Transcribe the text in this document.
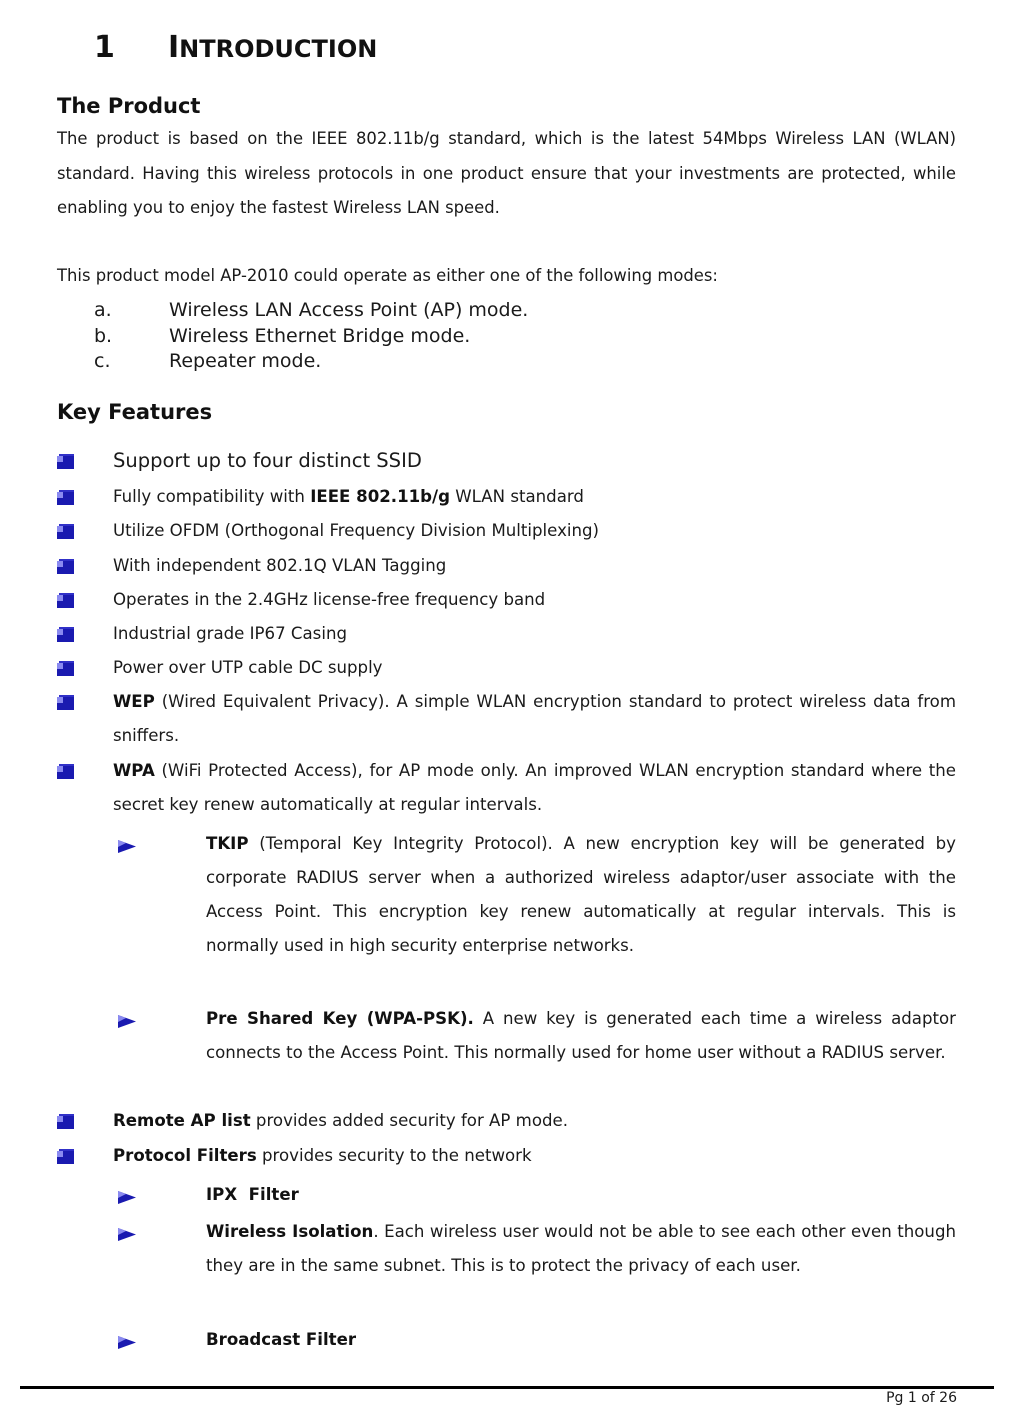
1 INTRODUCTION
The Product
The product is based on the IEEE 802.11b/g standard, which is the latest 54Mbps Wireless LAN (WLAN) standard. Having this wireless protocols in one product ensure that your investments are protected, while enabling you to enjoy the fastest Wireless LAN speed.
This product model AP-2010 could operate as either one of the following modes:
a.	Wireless LAN Access Point (AP) mode.
b.	Wireless Ethernet Bridge mode.
c.	Repeater mode.
Key Features
Support up to four distinct SSID
Fully compatibility with IEEE 802.11b/g WLAN standard
Utilize OFDM (Orthogonal Frequency Division Multiplexing)
With independent 802.1Q VLAN Tagging
Operates in the 2.4GHz license-free frequency band
Industrial grade IP67 Casing
Power over UTP cable DC supply
WEP (Wired Equivalent Privacy). A simple WLAN encryption standard to protect wireless data from sniffers.
WPA (WiFi Protected Access), for AP mode only. An improved WLAN encryption standard where the secret key renew automatically at regular intervals.
TKIP (Temporal Key Integrity Protocol). A new encryption key will be generated by corporate RADIUS server when a authorized wireless adaptor/user associate with the Access Point. This encryption key renew automatically at regular intervals. This is normally used in high security enterprise networks.
Pre Shared Key (WPA-PSK). A new key is generated each time a wireless adaptor connects to the Access Point. This normally used for home user without a RADIUS server.
Remote AP list provides added security for AP mode.
Protocol Filters provides security to the network
IPX  Filter
Wireless Isolation. Each wireless user would not be able to see each other even though they are in the same subnet. This is to protect the privacy of each user.
Broadcast Filter
Pg 1 of 26
